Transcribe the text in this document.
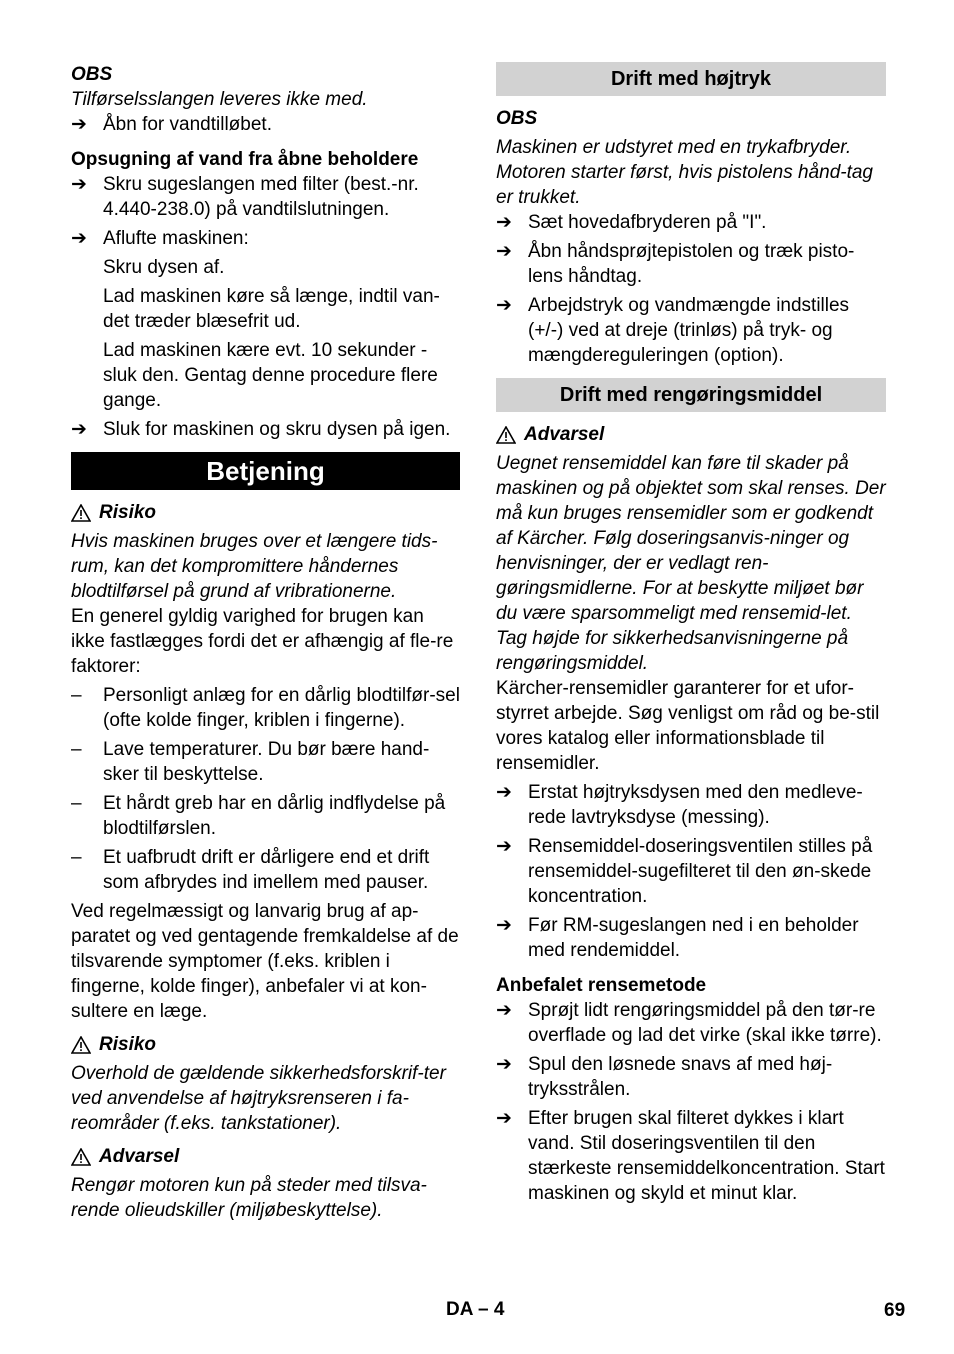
OBS

Tilførselsslangen leveres ikke med.

➔ Åbn for vandtilløbet.

Opsugning af vand fra åbne beholdere

➔ Skru sugeslangen med filter (best.-nr. 4.440-238.0) på vandtilslutningen.
➔ Aflufte maskinen:

Skru dysen af.

Lad maskinen køre så længe, indtil van-det træder blæsefrit ud.

Lad maskinen kære evt. 10 sekunder - sluk den. Gentag denne procedure flere gange.

➔ Sluk for maskinen og skru dysen på igen.
Betjening
Risiko

Hvis maskinen bruges over et længere tids-rum, kan det kompromittere håndernes blodtilførsel på grund af vribrationerne.

En generel gyldig varighed for brugen kan ikke fastlægges fordi det er afhængig af fle-re faktorer:

–	Personligt anlæg for en dårlig blodtilfør-sel (ofte kolde finger, kriblen i fingerne).
–	Lave temperaturer. Du bør bære hand-sker til beskyttelse.
–	Et hårdt greb har en dårlig indflydelse på blodtilførslen.
–	Et uafbrudt drift er dårligere end et drift som afbrydes ind imellem med pauser.

Ved regelmæssigt og lanvarig brug af ap-paratet og ved gentagende fremkaldelse af de tilsvarende symptomer (f.eks. kriblen i fingerne, kolde finger), anbefaler vi at kon-sultere en læge.

Risiko

Overhold de gældende sikkerhedsforskrif-ter ved anvendelse af højtryksrenseren i fa-reområder (f.eks. tankstationer).

Advarsel

Rengør motoren kun på steder med tilsva-rende olieudskiller (miljøbeskyttelse).

Drift med højtryk

OBS

Maskinen er udstyret med en trykafbryder. Motoren starter først, hvis pistolens hånd-tag er trukket.

➔ Sæt hovedafbryderen på "I".
➔ Åbn håndsprøjtepistolen og træk pisto-lens håndtag.
➔ Arbejdstryk og vandmængde indstilles (+/-) ved at dreje (trinløs) på tryk- og mængdereguleringen (option).
Drift med rengøringsmiddel
Advarsel

Uegnet rensemiddel kan føre til skader på maskinen og på objektet som skal renses. Der må kun bruges rensemidler som er godkendt af Kärcher. Følg doseringsanvis-ninger og henvisninger, der er vedlagt ren-gøringsmidlerne. For at beskytte miljøet bør du være sparsommeligt med rensemid-let.

Tag højde for sikkerhedsanvisningerne på rengøringsmiddel.

Kärcher-rensemidler garanterer for et ufor-styrret arbejde. Søg venligst om råd og be-stil vores katalog eller informationsblade til rensemidler.

➔ Erstat højtryksdysen med den medleve-rede lavtryksdyse (messing).
➔ Rensemiddel-doseringsventilen stilles på rensemiddel-sugefilteret til den øn-skede koncentration.
➔ Før RM-sugeslangen ned i en beholder med rendemiddel.

Anbefalet rensemetode

➔ Sprøjt lidt rengøringsmiddel på den tør-re overflade og lad det virke (skal ikke tørre).
➔ Spul den løsnede snavs af med høj-tryksstrålen.
➔ Efter brugen skal filteret dykkes i klart vand. Stil doseringsventilen til den stærkeste rensemiddelkoncentration. Start maskinen og skyld et minut klar.
DA – 4	69
